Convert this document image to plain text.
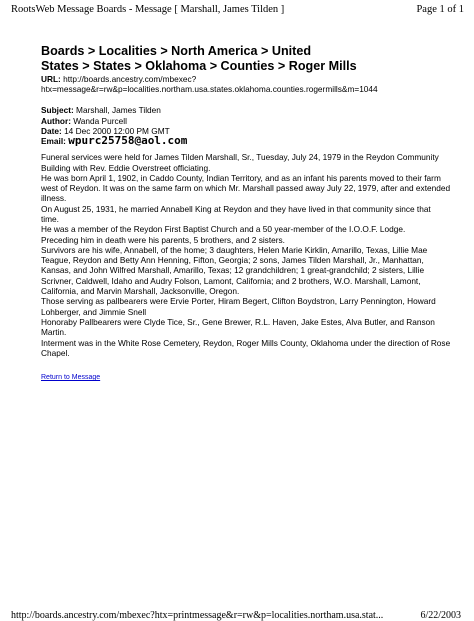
RootsWeb Message Boards - Message [ Marshall, James Tilden ]	Page 1 of 1
Boards > Localities > North America > United
States > States > Oklahoma > Counties > Roger Mills
URL: http://boards.ancestry.com/mbexec?
htx=message&r=rw&p=localities.northam.usa.states.oklahoma.counties.rogermills&m=1044
Subject: Marshall, James Tilden
Author: Wanda Purcell
Date: 14 Dec 2000 12:00 PM GMT
Email: wpurc25758@aol.com

Funeral services were held for James Tilden Marshall, Sr., Tuesday, July 24, 1979 in the Reydon Community Building with Rev. Eddie Overstreet officiating.

He was born April 1, 1902, in Caddo County, Indian Territory, and as an infant his parents moved to their farm west of Reydon. It was on the same farm on which Mr. Marshall passed away July 22, 1979, after and extended illness.

On August 25, 1931, he married Annabell King at Reydon and they have lived in that community since that time.

He was a member of the Reydon First Baptist Church and a 50 year-member of the I.O.O.F. Lodge.

Preceding him in death were his parents, 5 brothers, and 2 sisters.

Survivors are his wife, Annabell, of the home; 3 daughters, Helen Marie Kirklin, Amarillo, Texas, Lillie Mae Teague, Reydon and Betty Ann Henning, Fifton, Georgia; 2 sons, James Tilden Marshall, Jr., Manhattan, Kansas, and John Wilfred Marshall, Amarillo, Texas; 12 grandchildren; 1 great-grandchild; 2 sisters, Lillie Scrivner, Caldwell, Idaho and Audry Folson, Lamont, California; and 2 brothers, W.O. Marshall, Lamont, California, and Marvin Marshall, Jacksonville, Oregon.

Those serving as pallbearers were Ervie Porter, Hiram Begert, Clifton Boydstron, Larry Pennington, Howard Lohberger, and Jimmie Snell

Honoraby Pallbearers were Clyde Tice, Sr., Gene Brewer, R.L. Haven, Jake Estes, Alva Butler, and Ranson Martin.

Interment was in the White Rose Cemetery, Reydon, Roger Mills County, Oklahoma under the direction of Rose Chapel.

Return to Message
http://boards.ancestry.com/mbexec?htx=printmessage&r=rw&p=localities.northam.usa.stat...	6/22/2003
